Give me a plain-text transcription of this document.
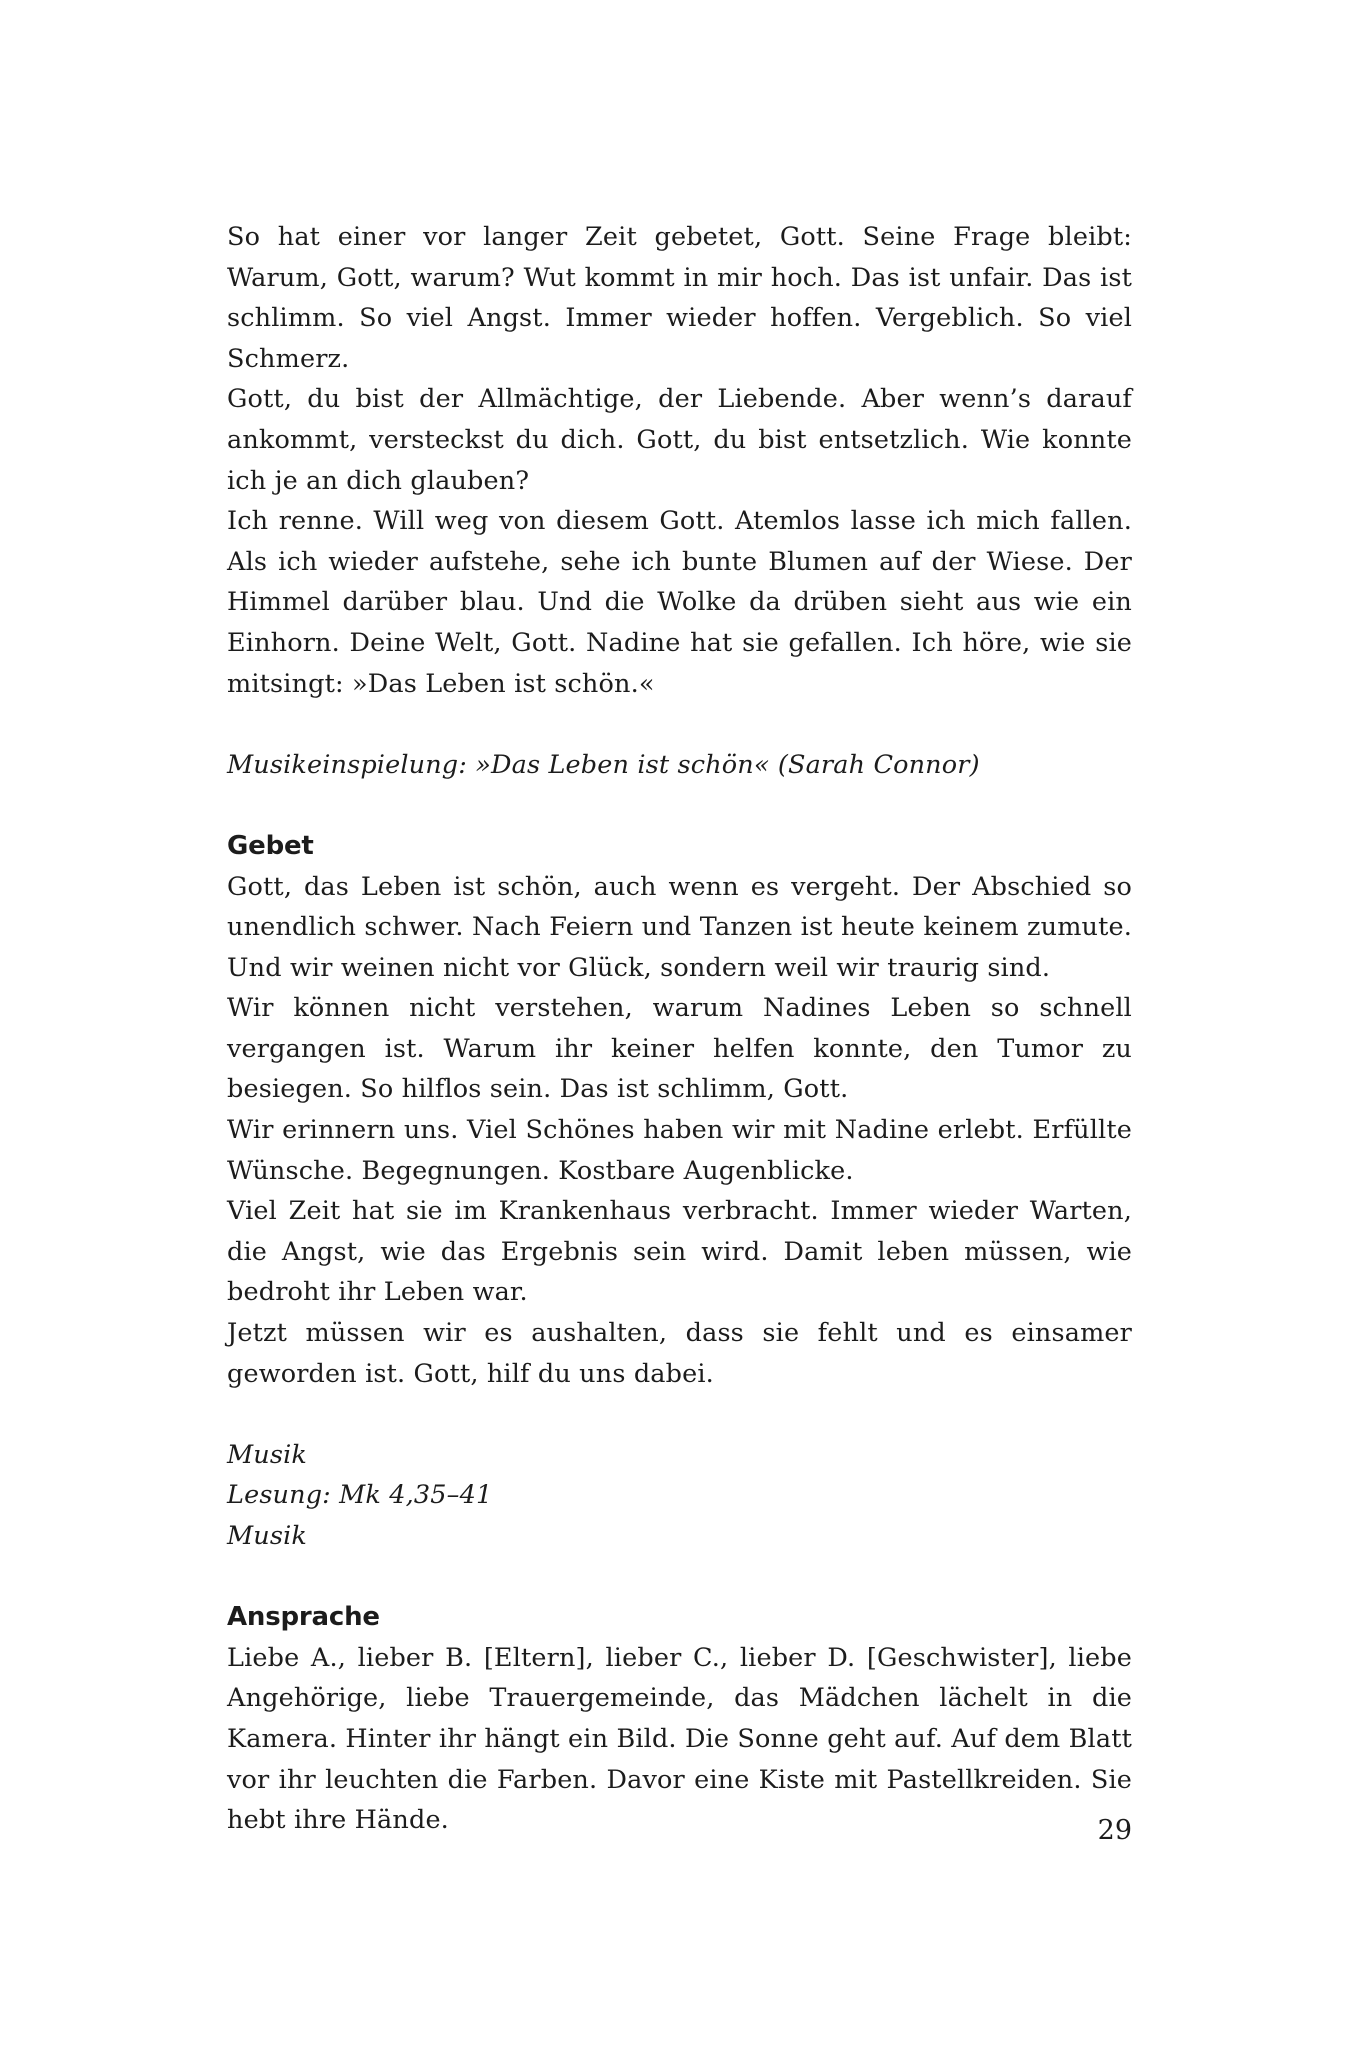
So hat einer vor langer Zeit gebetet, Gott. Seine Frage bleibt: Warum, Gott, warum? Wut kommt in mir hoch. Das ist unfair. Das ist schlimm. So viel Angst. Immer wieder hoffen. Vergeblich. So viel Schmerz.

Gott, du bist der Allmächtige, der Liebende. Aber wenn’s darauf ankommt, versteckst du dich. Gott, du bist entsetzlich. Wie konnte ich je an dich glauben?

Ich renne. Will weg von diesem Gott. Atemlos lasse ich mich fallen. Als ich wieder aufstehe, sehe ich bunte Blumen auf der Wiese. Der Himmel darüber blau. Und die Wolke da drüben sieht aus wie ein Einhorn. Deine Welt, Gott. Nadine hat sie gefallen. Ich höre, wie sie mitsingt: »Das Leben ist schön.«

Musikeinspielung: »Das Leben ist schön« (Sarah Connor)

Gebet

Gott, das Leben ist schön, auch wenn es vergeht. Der Abschied so unendlich schwer. Nach Feiern und Tanzen ist heute keinem zumute. Und wir weinen nicht vor Glück, sondern weil wir traurig sind.

Wir können nicht verstehen, warum Nadines Leben so schnell vergangen ist. Warum ihr keiner helfen konnte, den Tumor zu besiegen. So hilflos sein. Das ist schlimm, Gott.

Wir erinnern uns. Viel Schönes haben wir mit Nadine erlebt. Erfüllte Wünsche. Begegnungen. Kostbare Augenblicke.

Viel Zeit hat sie im Krankenhaus verbracht. Immer wieder Warten, die Angst, wie das Ergebnis sein wird. Damit leben müssen, wie bedroht ihr Leben war.

Jetzt müssen wir es aushalten, dass sie fehlt und es einsamer geworden ist. Gott, hilf du uns dabei.

Musik

Lesung: Mk 4,35–41

Musik

Ansprache

Liebe A., lieber B. [Eltern], lieber C., lieber D. [Geschwister], liebe Angehörige, liebe Trauergemeinde, das Mädchen lächelt in die Kamera. Hinter ihr hängt ein Bild. Die Sonne geht auf. Auf dem Blatt vor ihr leuchten die Farben. Davor eine Kiste mit Pastellkreiden. Sie hebt ihre Hände.	29
